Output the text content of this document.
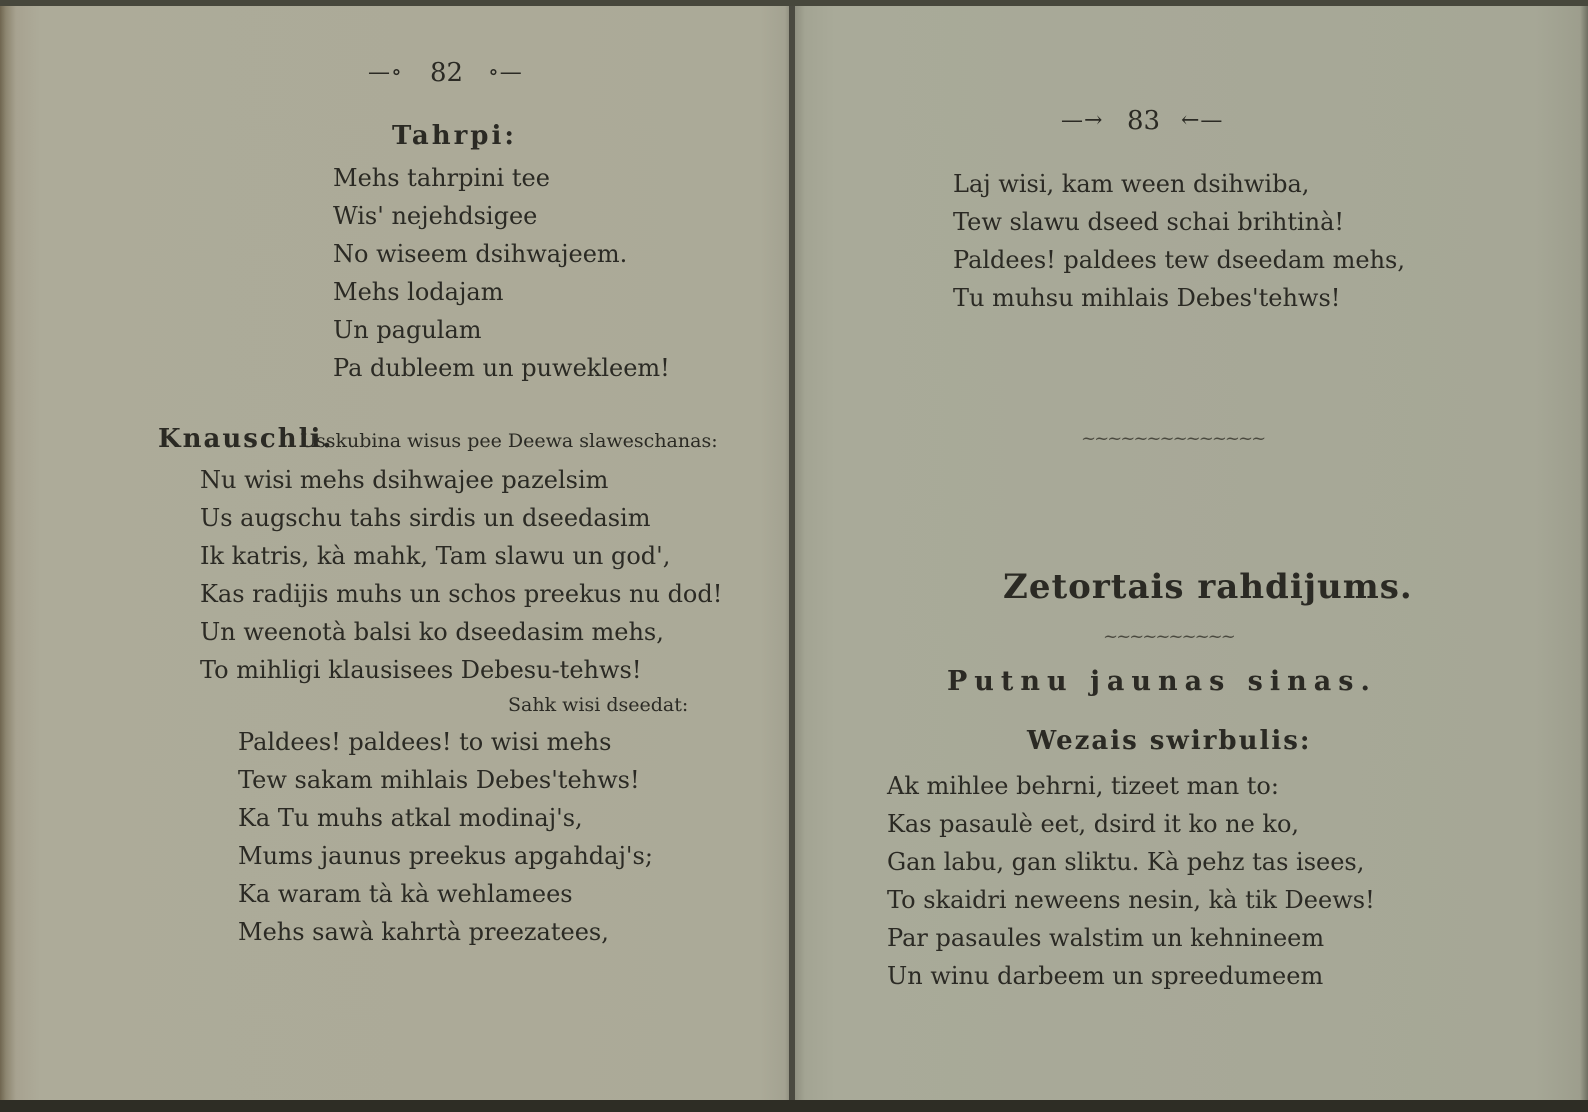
—∘ 82 ∘—
Tahrpi:
Mehs tahrpini tee
Wis' nejehdsigee
No wiseem dsihwajeem.
Mehs lodajam
Un pagulam
Pa dubleem un puwekleem!
Knauschli.
Usskubina wisus pee Deewa slaweschanas:
Nu wisi mehs dsihwajee pazelsim
Us augschu tahs sirdis un dseedasim
Ik katris, kà mahk, Tam slawu un god',
Kas radijis muhs un schos preekus nu dod!
Un weenotà balsi ko dseedasim mehs,
To mihligi klausisees Debesu-tehws!
Sahk wisi dseedat:
Paldees! paldees! to wisi mehs
Tew sakam mihlais Debes'tehws!
Ka Tu muhs atkal modinaj's,
Mums jaunus preekus apgahdaj's;
Ka waram tà kà wehlamees
Mehs sawà kahrtà preezatees,
—→ 83 ←—
Laj wisi, kam ween dsihwiba,
Tew slawu dseed schai brihtinà!
Paldees! paldees tew dseedam mehs,
Tu muhsu mihlais Debes'tehws!
~~~~~~~~~~~~~~
Zetortais rahdijums.
~~~~~~~~~~
Putnu jaunas sinas.
Wezais swirbulis:
Ak mihlee behrni, tizeet man to:
Kas pasaulè eet, dsird it ko ne ko,
Gan labu, gan sliktu. Kà pehz tas isees,
To skaidri neweens nesin, kà tik Deews!
Par pasaules walstim un kehnineem
Un winu darbeem un spreedumeem
